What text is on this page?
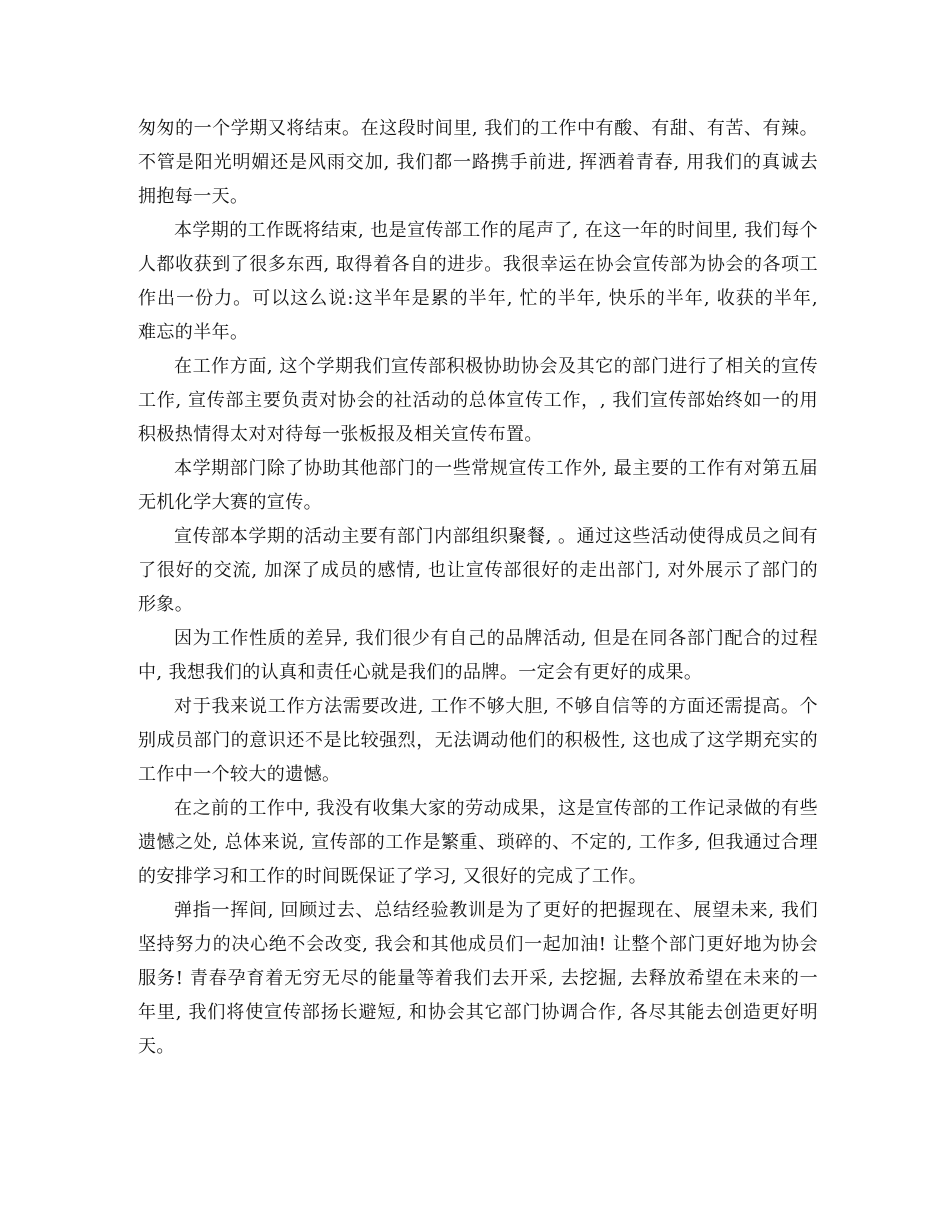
匆匆的一个学期又将结束。在这段时间里, 我们的工作中有酸、有甜、有苦、有辣。不管是阳光明媚还是风雨交加, 我们都一路携手前进, 挥洒着青春, 用我们的真诚去拥抱每一天。

本学期的工作既将结束, 也是宣传部工作的尾声了, 在这一年的时间里, 我们每个人都收获到了很多东西, 取得着各自的进步。我很幸运在协会宣传部为协会的各项工作出一份力。可以这么说:这半年是累的半年, 忙的半年, 快乐的半年, 收获的半年, 难忘的半年。

在工作方面, 这个学期我们宣传部积极协助协会及其它的部门进行了相关的宣传工作, 宣传部主要负责对协会的社活动的总体宣传工作，, 我们宣传部始终如一的用积极热情得太对对待每一张板报及相关宣传布置。

本学期部门除了协助其他部门的一些常规宣传工作外, 最主要的工作有对第五届无机化学大赛的宣传。

宣传部本学期的活动主要有部门内部组织聚餐, 。通过这些活动使得成员之间有了很好的交流, 加深了成员的感情, 也让宣传部很好的走出部门, 对外展示了部门的形象。

因为工作性质的差异, 我们很少有自己的品牌活动, 但是在同各部门配合的过程中, 我想我们的认真和责任心就是我们的品牌。一定会有更好的成果。

对于我来说工作方法需要改进, 工作不够大胆, 不够自信等的方面还需提高。个别成员部门的意识还不是比较强烈，无法调动他们的积极性, 这也成了这学期充实的工作中一个较大的遗憾。

在之前的工作中, 我没有收集大家的劳动成果，这是宣传部的工作记录做的有些遗憾之处, 总体来说, 宣传部的工作是繁重、琐碎的、不定的, 工作多, 但我通过合理的安排学习和工作的时间既保证了学习, 又很好的完成了工作。

弹指一挥间, 回顾过去、总结经验教训是为了更好的把握现在、展望未来, 我们坚持努力的决心绝不会改变, 我会和其他成员们一起加油! 让整个部门更好地为协会服务! 青春孕育着无穷无尽的能量等着我们去开采, 去挖掘, 去释放希望在未来的一年里, 我们将使宣传部扬长避短, 和协会其它部门协调合作, 各尽其能去创造更好明天。
